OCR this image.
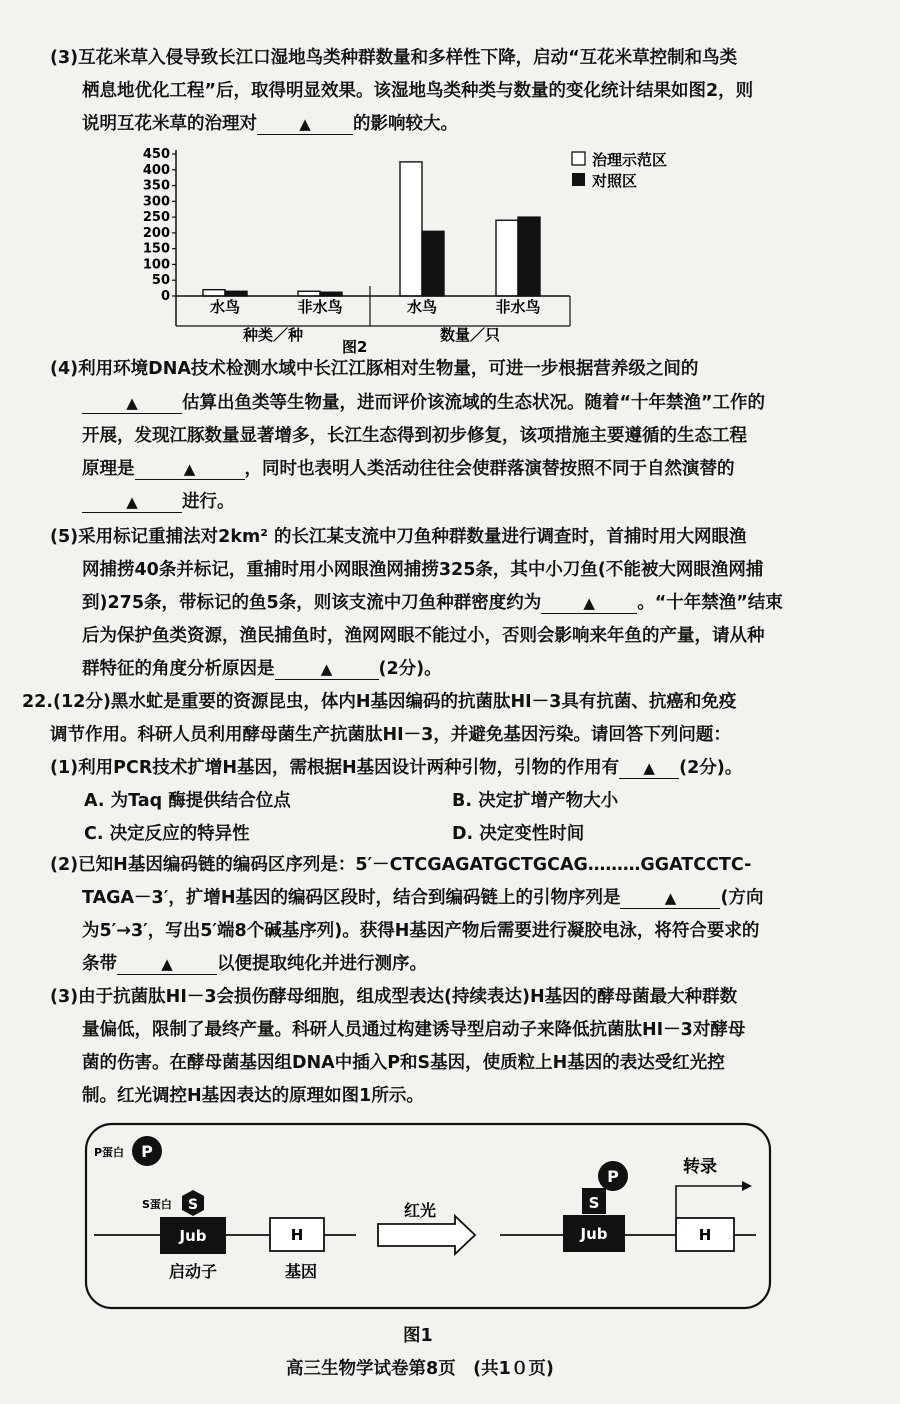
(3)互花米草入侵导致长江口湿地鸟类种群数量和多样性下降，启动“互花米草控制和鸟类
栖息地优化工程”后，取得明显效果。该湿地鸟类种类与数量的变化统计结果如图2，则
说明互花米草的治理对	▲ 的影响较大。
0
50
100
150
200
250
300
350
400
450
水鸟	非水鸟	水鸟	非水鸟
种类／种	数量／只
治理示范区
对照区
图2
(4)利用环境DNA技术检测水域中长江江豚相对生物量，可进一步根据营养级之间的
▲	估算出鱼类等生物量，进而评价该流域的生态状况。随着“十年禁渔”工作的
开展，发现江豚数量显著增多，长江生态得到初步修复，该项措施主要遵循的生态工程
原理是	▲	，同时也表明人类活动往往会使群落演替按照不同于自然演替的
▲	进行。
(5)采用标记重捕法对2km² 的长江某支流中刀鱼种群数量进行调查时，首捕时用大网眼渔
网捕捞40条并标记，重捕时用小网眼渔网捕捞325条，其中小刀鱼(不能被大网眼渔网捕
到)275条，带标记的鱼5条，则该支流中刀鱼种群密度约为	▲ 。“十年禁渔”结束
后为保护鱼类资源，渔民捕鱼时，渔网网眼不能过小，否则会影响来年鱼的产量，请从种
群特征的角度分析原因是	▲	(2分)。
22.(12分)黑水虻是重要的资源昆虫，体内H基因编码的抗菌肽HI－3具有抗菌、抗癌和免疫
调节作用。科研人员利用酵母菌生产抗菌肽HI－3，并避免基因污染。请回答下列问题：
(1)利用PCR技术扩增H基因，需根据H基因设计两种引物，引物的作用有 ▲ (2分)。
A. 为Taq 酶提供结合位点	B. 决定扩增产物大小
C. 决定反应的特异性	D. 决定变性时间
(2)已知H基因编码链的编码区序列是：5′－CTCGAGATGCTGCAG………GGATCCTC-
TAGA－3′，扩增H基因的编码区段时，结合到编码链上的引物序列是	▲	(方向
为5′→3′，写出5′端8个碱基序列)。获得H基因产物后需要进行凝胶电泳，将符合要求的
条带	▲	以便提取纯化并进行测序。
(3)由于抗菌肽HI－3会损伤酵母细胞，组成型表达(持续表达)H基因的酵母菌最大种群数
量偏低，限制了最终产量。科研人员通过构建诱导型启动子来降低抗菌肽HI－3对酵母
菌的伤害。在酵母菌基因组DNA中插入P和S基因，使质粒上H基因的表达受红光控
制。红光调控H基因表达的原理如图1所示。
P蛋白 P
S蛋白 S
Jub	H
启动子	基因
红光
P
S
Jub	H
转录
图1
高三生物学试卷第8页　(共1０页)
